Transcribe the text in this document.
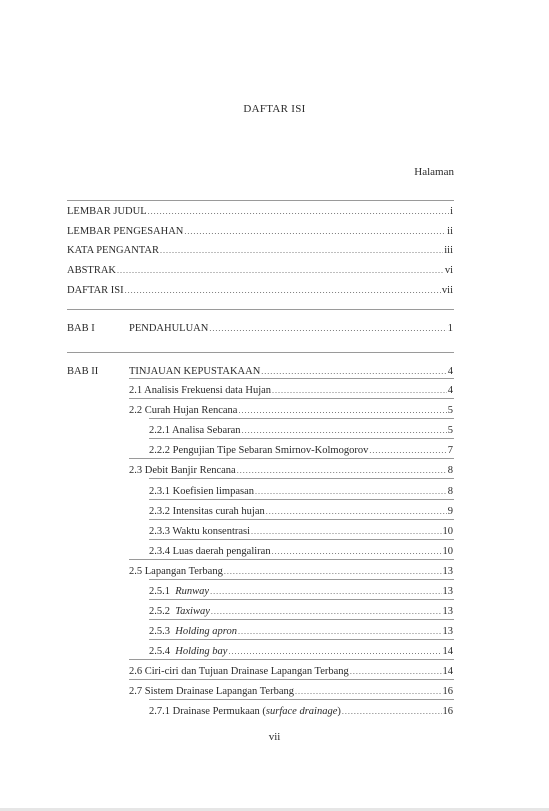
DAFTAR ISI
Halaman
LEMBAR JUDUL .....	i
LEMBAR PENGESAHAN .....	ii
KATA PENGANTAR .....	iii
ABSTRAK .....	vi
DAFTAR ISI .....	vii
BAB I	PENDAHULUAN .....	1
BAB II	TINJAUAN KEPUSTAKAAN .....	4
2.1 Analisis Frekuensi data Hujan .....	4
2.2 Curah Hujan Rencana .....	5
2.2.1 Analisa Sebaran .....	5
2.2.2 Pengujian Tipe Sebaran Smirnov-Kolmogorov .....	7
2.3 Debit Banjir Rencana .....	8
2.3.1 Koefisien limpasan .....	8
2.3.2 Intensitas curah hujan .....	9
2.3.3 Waktu konsentrasi .....	10
2.3.4 Luas daerah pengaliran .....	10
2.5 Lapangan Terbang .....	13
2.5.1 Runway .....	13
2.5.2 Taxiway .....	13
2.5.3 Holding apron .....	13
2.5.4 Holding bay .....	14
2.6 Ciri-ciri dan Tujuan Drainase Lapangan Terbang .....	14
2.7 Sistem Drainase Lapangan Terbang .....	16
2.7.1 Drainase Permukaan (surface drainage) .....	16
vii
